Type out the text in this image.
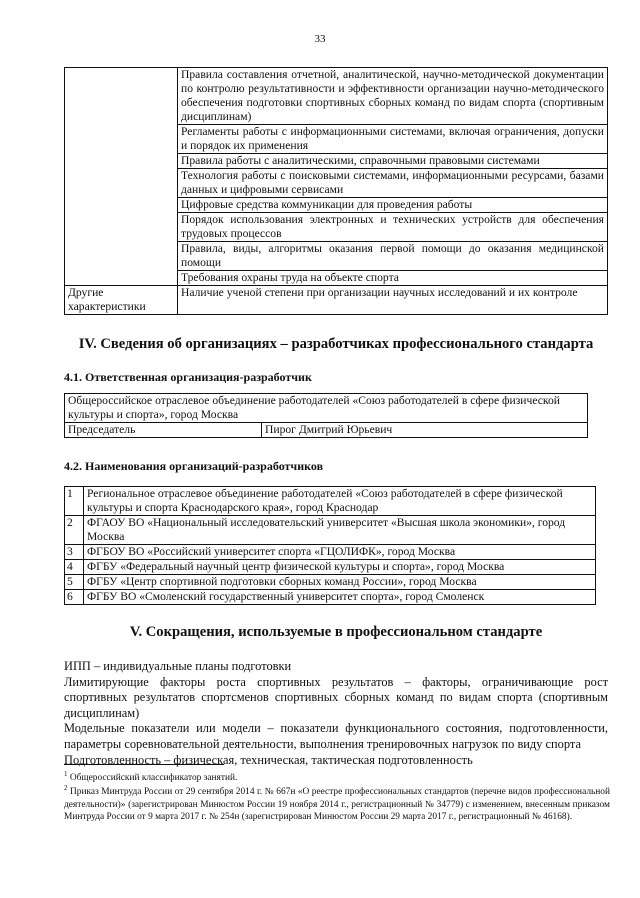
33
	Правила составления отчетной, аналитической, научно-методической документации по контролю результативности и эффективности организации научно-методического обеспечения подготовки спортивных сборных команд по видам спорта (спортивным дисциплинам)
	Регламенты работы с информационными системами, включая ограничения, допуски и порядок их применения
	Правила работы с аналитическими, справочными правовыми системами
	Технология работы с поисковыми системами, информационными ресурсами, базами данных и цифровыми сервисами
	Цифровые средства коммуникации для проведения работы
	Порядок использования электронных и технических устройств для обеспечения трудовых процессов
	Правила, виды, алгоритмы оказания первой помощи до оказания медицинской помощи
	Требования охраны труда на объекте спорта
Другие характеристики	Наличие ученой степени при организации научных исследований и их контроле
IV. Сведения об организациях – разработчиках профессионального стандарта
4.1. Ответственная организация-разработчик
Общероссийское отраслевое объединение работодателей «Союз работодателей в сфере физической культуры и спорта», город Москва
Председатель	Пирог Дмитрий Юрьевич
4.2. Наименования организаций-разработчиков
1	Региональное отраслевое объединение работодателей «Союз работодателей в сфере физической культуры и спорта Краснодарского края», город Краснодар
2	ФГАОУ ВО «Национальный исследовательский университет «Высшая школа экономики», город Москва
3	ФГБОУ ВО «Российский университет спорта «ГЦОЛИФК», город Москва
4	ФГБУ «Федеральный научный центр физической культуры и спорта», город Москва
5	ФГБУ «Центр спортивной подготовки сборных команд России», город Москва
6	ФГБУ ВО «Смоленский государственный университет спорта», город Смоленск
V. Сокращения, используемые в профессиональном стандарте

ИПП – индивидуальные планы подготовки

Лимитирующие факторы роста спортивных результатов – факторы, ограничивающие рост спортивных результатов спортсменов спортивных сборных команд по видам спорта (спортивным дисциплинам)

Модельные показатели или модели – показатели функционального состояния, подготовленности, параметры соревновательной деятельности, выполнения тренировочных нагрузок по виду спорта

Подготовленность – физическая, техническая, тактическая подготовленность

$^1$ Общероссийский классификатор занятий.
$^2$ Приказ Минтруда России от 29 сентября 2014 г. № 667н «О реестре профессиональных стандартов (перечне видов профессиональной деятельности)» (зарегистрирован Минюстом России 19 ноября 2014 г., регистрационный № 34779) с изменением, внесенным приказом Минтруда России от 9 марта 2017 г. № 254н (зарегистрирован Минюстом России 29 марта 2017 г., регистрационный № 46168).
